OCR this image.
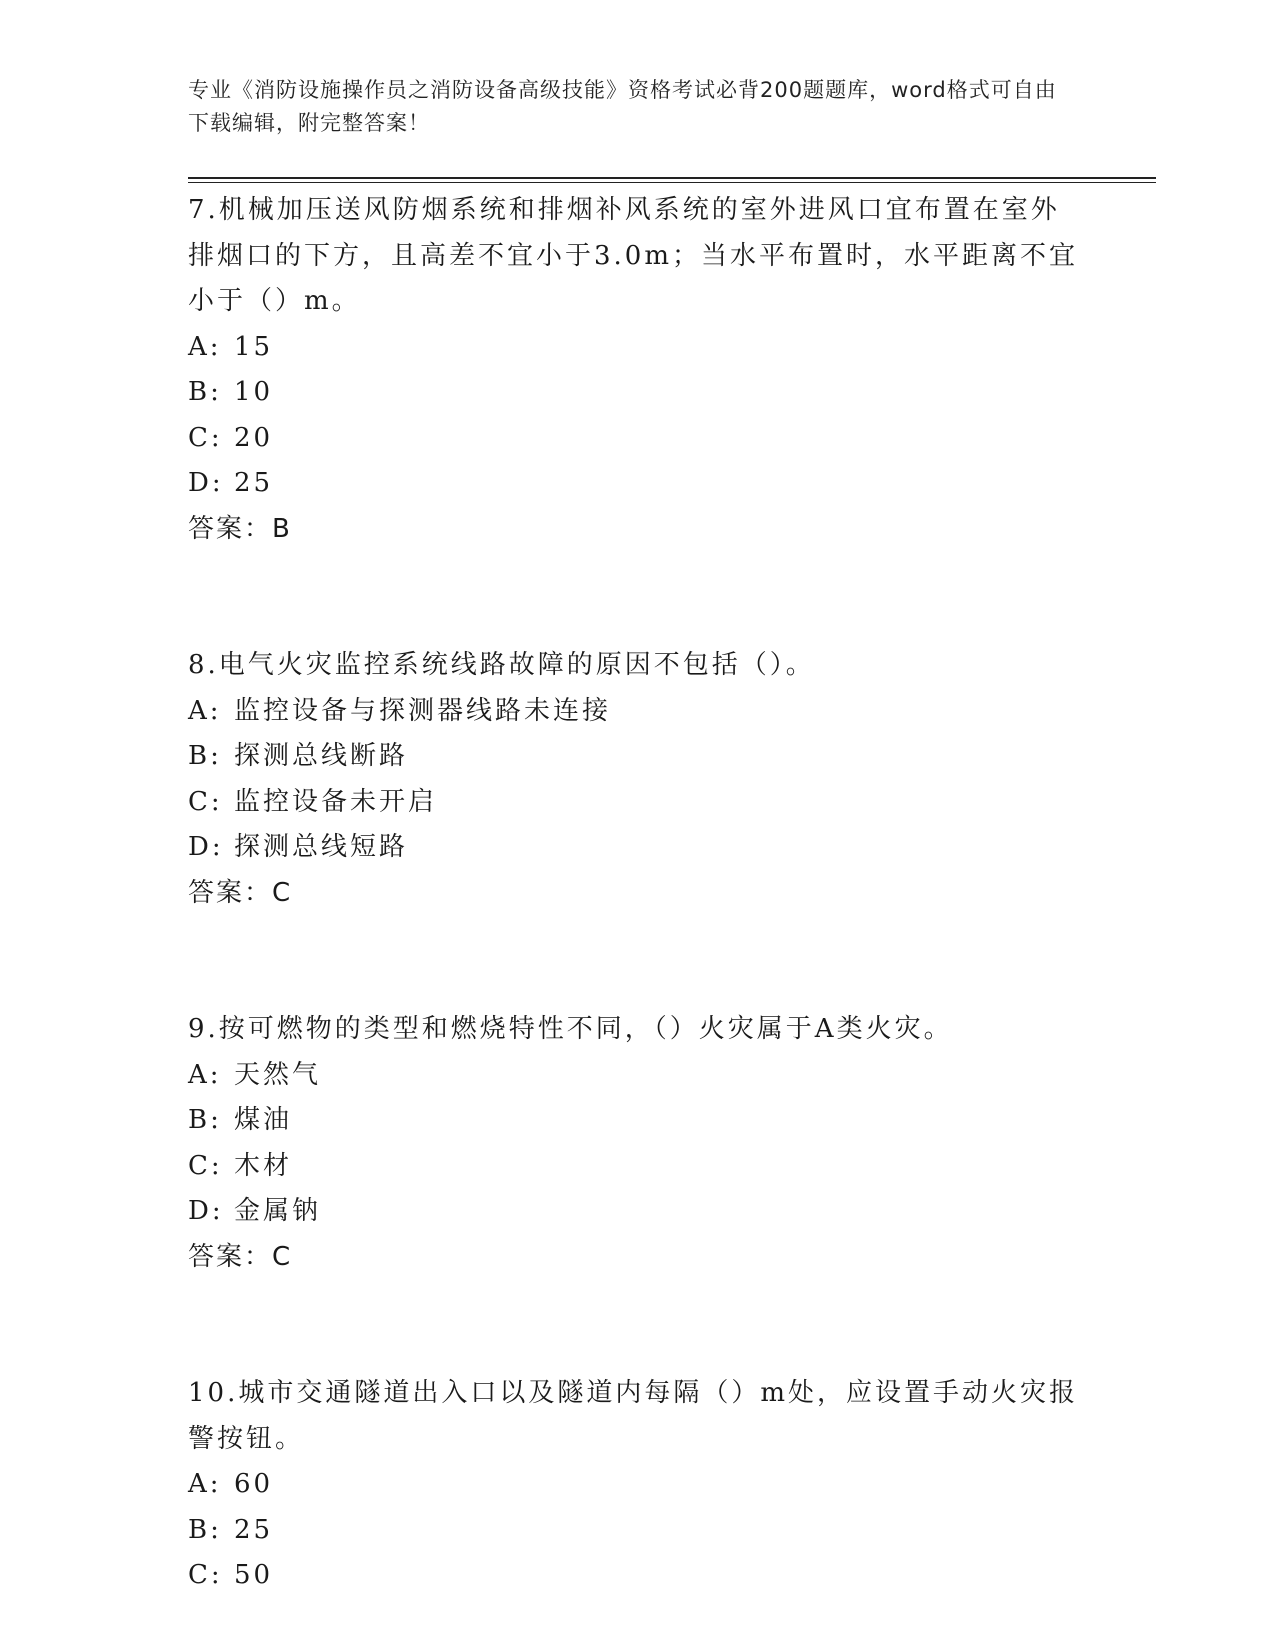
专业《消防设施操作员之消防设备高级技能》资格考试必背200题题库，word格式可自由下载编辑，附完整答案！

7.机械加压送风防烟系统和排烟补风系统的室外进风口宜布置在室外排烟口的下方，且高差不宜小于3.0m；当水平布置时，水平距离不宜小于（）m。

A: 15

B: 10

C: 20

D: 25

答案：B

8.电气火灾监控系统线路故障的原因不包括（）。

A: 监控设备与探测器线路未连接

B: 探测总线断路

C: 监控设备未开启

D: 探测总线短路

答案：C

9.按可燃物的类型和燃烧特性不同，（）火灾属于A类火灾。

A: 天然气

B: 煤油

C: 木材

D: 金属钠

答案：C

10.城市交通隧道出入口以及隧道内每隔（）m处，应设置手动火灾报警按钮。

A: 60

B: 25

C: 50
